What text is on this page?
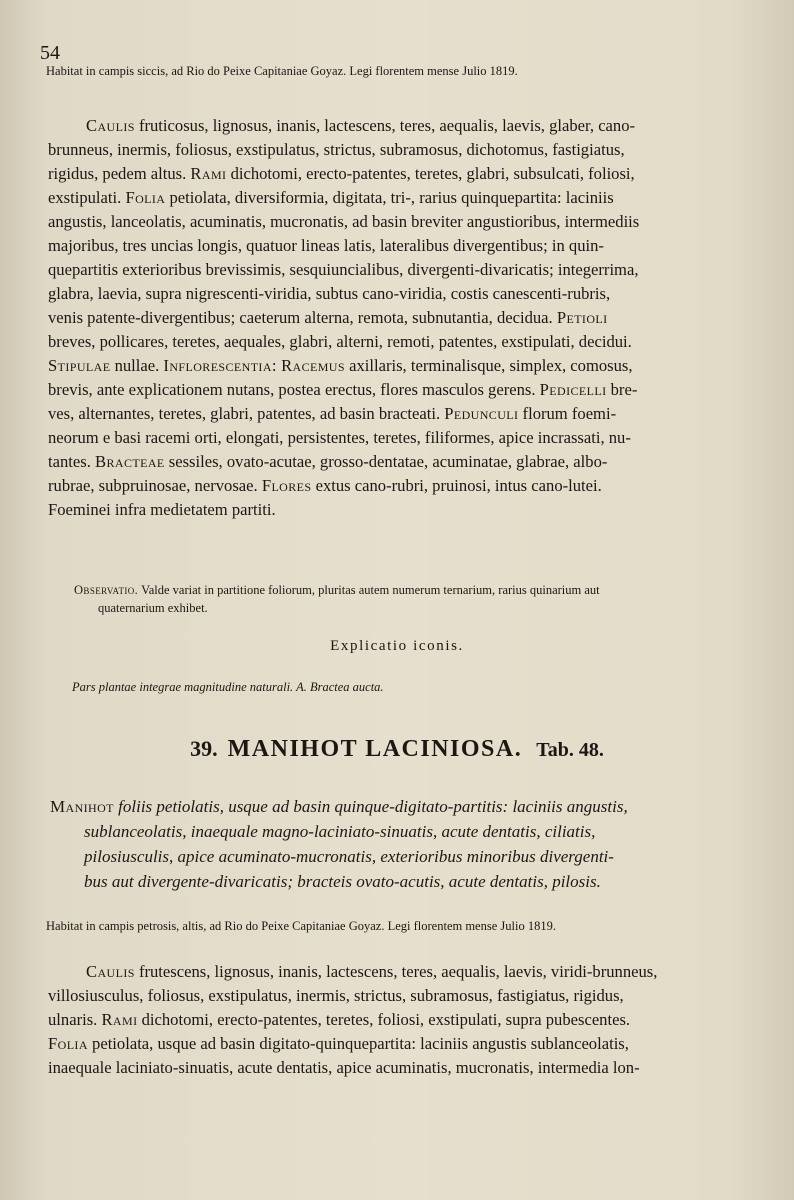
54
Habitat in campis siccis, ad Rio do Peixe Capitaniae Goyaz. Legi florentem mense Julio 1819.
Caulis fruticosus, lignosus, inanis, lactescens, teres, aequalis, laevis, glaber, cano-
brunneus, inermis, foliosus, exstipulatus, strictus, subramosus, dichotomus, fastigiatus,
rigidus, pedem altus. Rami dichotomi, erecto-patentes, teretes, glabri, subsulcati, foliosi,
exstipulati. Folia petiolata, diversiformia, digitata, tri-, rarius quinquepartita: laciniis
angustis, lanceolatis, acuminatis, mucronatis, ad basin breviter angustioribus, intermediis
majoribus, tres uncias longis, quatuor lineas latis, lateralibus divergentibus; in quin-
quepartitis exterioribus brevissimis, sesquiuncialibus, divergenti-divaricatis; integerrima,
glabra, laevia, supra nigrescenti-viridia, subtus cano-viridia, costis canescenti-rubris,
venis patente-divergentibus; caeterum alterna, remota, subnutantia, decidua. Petioli
breves, pollicares, teretes, aequales, glabri, alterni, remoti, patentes, exstipulati, decidui.
Stipulae nullae. Inflorescentia: Racemus axillaris, terminalisque, simplex, comosus,
brevis, ante explicationem nutans, postea erectus, flores masculos gerens. Pedicelli bre-
ves, alternantes, teretes, glabri, patentes, ad basin bracteati. Pedunculi florum foemi-
neorum e basi racemi orti, elongati, persistentes, teretes, filiformes, apice incrassati, nu-
tantes. Bracteae sessiles, ovato-acutae, grosso-dentatae, acuminatae, glabrae, albo-
rubrae, subpruinosae, nervosae. Flores extus cano-rubri, pruinosi, intus cano-lutei.
Foeminei infra medietatem partiti.
Observatio. Valde variat in partitione foliorum, pluritas autem numerum ternarium, rarius quinarium aut
quaternarium exhibet.
Explicatio iconis.
Pars plantae integrae magnitudine naturali. A. Bractea aucta.
39. MANIHOT LACINIOSA. Tab. 48.
Manihot foliis petiolatis, usque ad basin quinque-digitato-partitis: laciniis angustis,
sublanceolatis, inaequale magno-laciniato-sinuatis, acute dentatis, ciliatis,
pilosiusculis, apice acuminato-mucronatis, exterioribus minoribus divergenti-
bus aut divergente-divaricatis; bracteis ovato-acutis, acute dentatis, pilosis.
Habitat in campis petrosis, altis, ad Rio do Peixe Capitaniae Goyaz. Legi florentem mense Julio 1819.
Caulis frutescens, lignosus, inanis, lactescens, teres, aequalis, laevis, viridi-brunneus,
villosiusculus, foliosus, exstipulatus, inermis, strictus, subramosus, fastigiatus, rigidus,
ulnaris. Rami dichotomi, erecto-patentes, teretes, foliosi, exstipulati, supra pubescentes.
Folia petiolata, usque ad basin digitato-quinquepartita: laciniis angustis sublanceolatis,
inaequale laciniato-sinuatis, acute dentatis, apice acuminatis, mucronatis, intermedia lon-
